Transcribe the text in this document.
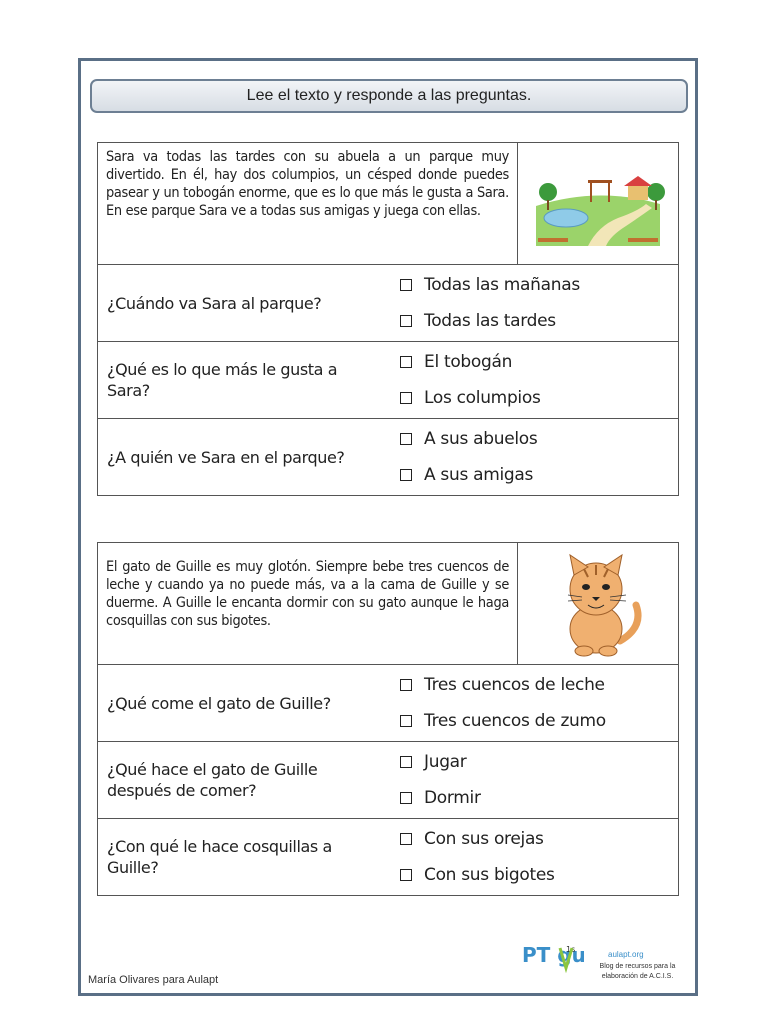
Lee el texto y responde a las preguntas.
Sara va todas las tardes con su abuela a un parque muy divertido. En él, hay dos columpios, un césped donde puedes pasear y un tobogán enorme, que es lo que más le gusta a Sara. En ese parque Sara ve a todas sus amigas y juega con ellas.
¿Cuándo va Sara al parque?
Todas las mañanas
Todas las tardes
¿Qué es lo que más le gusta a Sara?
El tobogán
Los columpios
¿A quién ve Sara en el parque?
A sus abuelos
A sus amigas
El gato de Guille es muy glotón. Siempre bebe tres cuencos de leche y cuando ya no puede más, va a la cama de Guille y se duerme. A Guille le encanta dormir con su gato aunque le haga cosquillas con sus bigotes.
¿Qué come el gato de Guille?
Tres cuencos de leche
Tres cuencos de zumo
¿Qué hace el gato de Guille después de comer?
Jugar
Dormir
¿Con qué le hace cosquillas a Guille?
Con sus orejas
Con sus bigotes
María Olivares para Aulapt
PT gu
1s
aulapt.org
Blog de recursos para la elaboración de A.C.I.S.
